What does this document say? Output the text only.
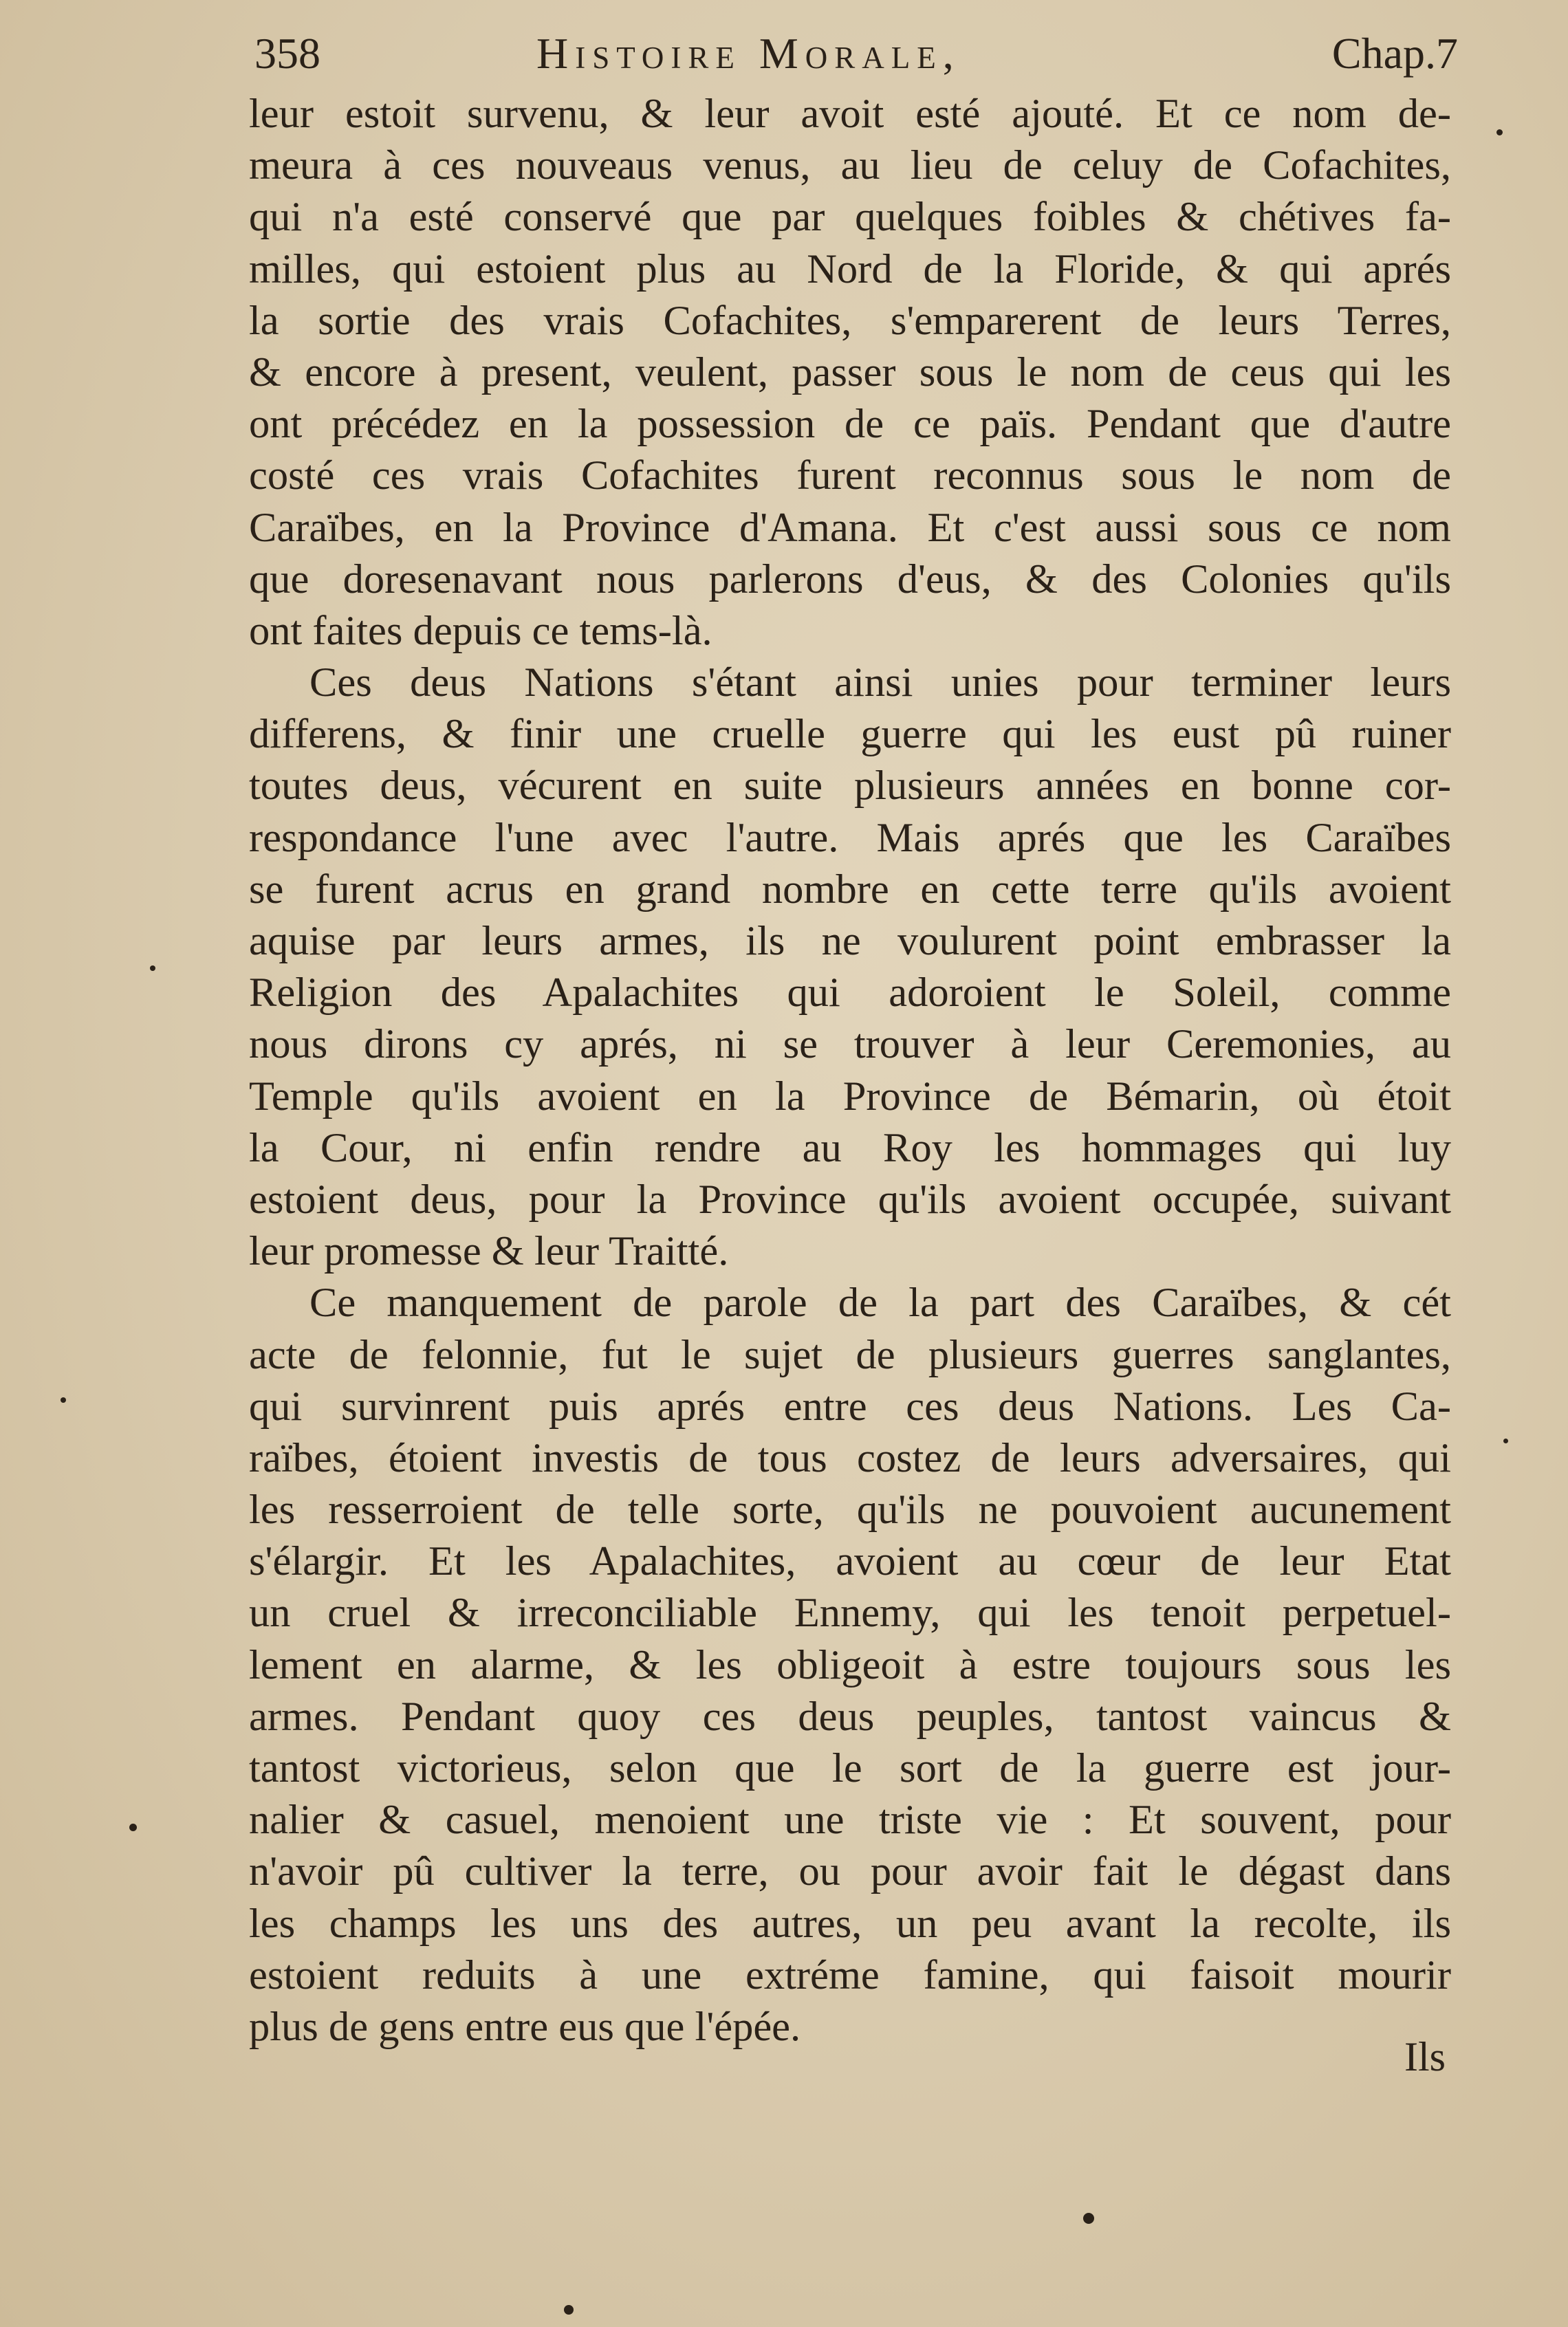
358	Histoire Morale,	Chap.7
leur estoit survenu, & leur avoit esté ajouté. Et ce nom de-
meura à ces nouveaus venus, au lieu de celuy de Cofachites,
qui n'a esté conservé que par quelques foibles & chétives fa-
milles, qui estoient plus au Nord de la Floride, & qui aprés
la sortie des vrais Cofachites, s'emparerent de leurs Terres,
& encore à present, veulent, passer sous le nom de ceus qui les
ont précédez en la possession de ce païs. Pendant que d'autre
costé ces vrais Cofachites furent reconnus sous le nom de
Caraïbes, en la Province d'Amana. Et c'est aussi sous ce nom
que doresenavant nous parlerons d'eus, & des Colonies qu'ils
ont faites depuis ce tems-là.
Ces deus Nations s'étant ainsi unies pour terminer leurs
differens, & finir une cruelle guerre qui les eust pû ruiner
toutes deus, vécurent en suite plusieurs années en bonne cor-
respondance l'une avec l'autre. Mais aprés que les Caraïbes
se furent acrus en grand nombre en cette terre qu'ils avoient
aquise par leurs armes, ils ne voulurent point embrasser la
Religion des Apalachites qui adoroient le Soleil, comme
nous dirons cy aprés, ni se trouver à leur Ceremonies, au
Temple qu'ils avoient en la Province de Bémarin, où étoit
la Cour, ni enfin rendre au Roy les hommages qui luy
estoient deus, pour la Province qu'ils avoient occupée, suivant
leur promesse & leur Traitté.
Ce manquement de parole de la part des Caraïbes, & cét
acte de felonnie, fut le sujet de plusieurs guerres sanglantes,
qui survinrent puis aprés entre ces deus Nations. Les Ca-
raïbes, étoient investis de tous costez de leurs adversaires, qui
les resserroient de telle sorte, qu'ils ne pouvoient aucunement
s'élargir. Et les Apalachites, avoient au cœur de leur Etat
un cruel & irreconciliable Ennemy, qui les tenoit perpetuel-
lement en alarme, & les obligeoit à estre toujours sous les
armes. Pendant quoy ces deus peuples, tantost vaincus &
tantost victorieus, selon que le sort de la guerre est jour-
nalier & casuel, menoient une triste vie : Et souvent, pour
n'avoir pû cultiver la terre, ou pour avoir fait le dégast dans
les champs les uns des autres, un peu avant la recolte, ils
estoient reduits à une extréme famine, qui faisoit mourir
plus de gens entre eus que l'épée.
Ils
